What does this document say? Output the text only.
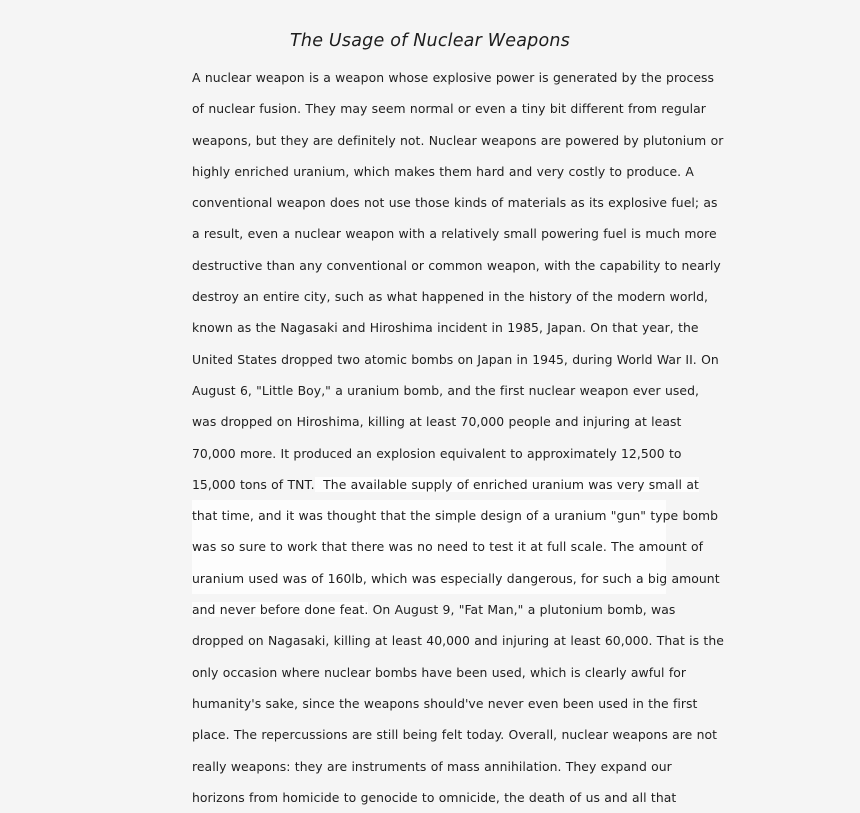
The Usage of Nuclear Weapons
A nuclear weapon is a weapon whose explosive power is generated by the process
of nuclear fusion. They may seem normal or even a tiny bit different from regular
weapons, but they are definitely not. Nuclear weapons are powered by plutonium or
highly enriched uranium, which makes them hard and very costly to produce. A
conventional weapon does not use those kinds of materials as its explosive fuel; as
a result, even a nuclear weapon with a relatively small powering fuel is much more
destructive than any conventional or common weapon, with the capability to nearly
destroy an entire city, such as what happened in the history of the modern world,
known as the Nagasaki and Hiroshima incident in 1985, Japan. On that year, the
United States dropped two atomic bombs on Japan in 1945, during World War II. On
August 6, "Little Boy," a uranium bomb, and the first nuclear weapon ever used,
was dropped on Hiroshima, killing at least 70,000 people and injuring at least
70,000 more. It produced an explosion equivalent to approximately 12,500 to
15,000 tons of TNT. The available supply of enriched uranium was very small at
that time, and it was thought that the simple design of a uranium "gun" type bomb
was so sure to work that there was no need to test it at full scale. The amount of
uranium used was of 160lb, which was especially dangerous, for such a big amount
and never before done feat. On August 9, "Fat Man," a plutonium bomb, was
dropped on Nagasaki, killing at least 40,000 and injuring at least 60,000. That is the
only occasion where nuclear bombs have been used, which is clearly awful for
humanity's sake, since the weapons should've never even been used in the first
place. The repercussions are still being felt today. Overall, nuclear weapons are not
really weapons: they are instruments of mass annihilation. They expand our
horizons from homicide to genocide to omnicide, the death of us and all that
